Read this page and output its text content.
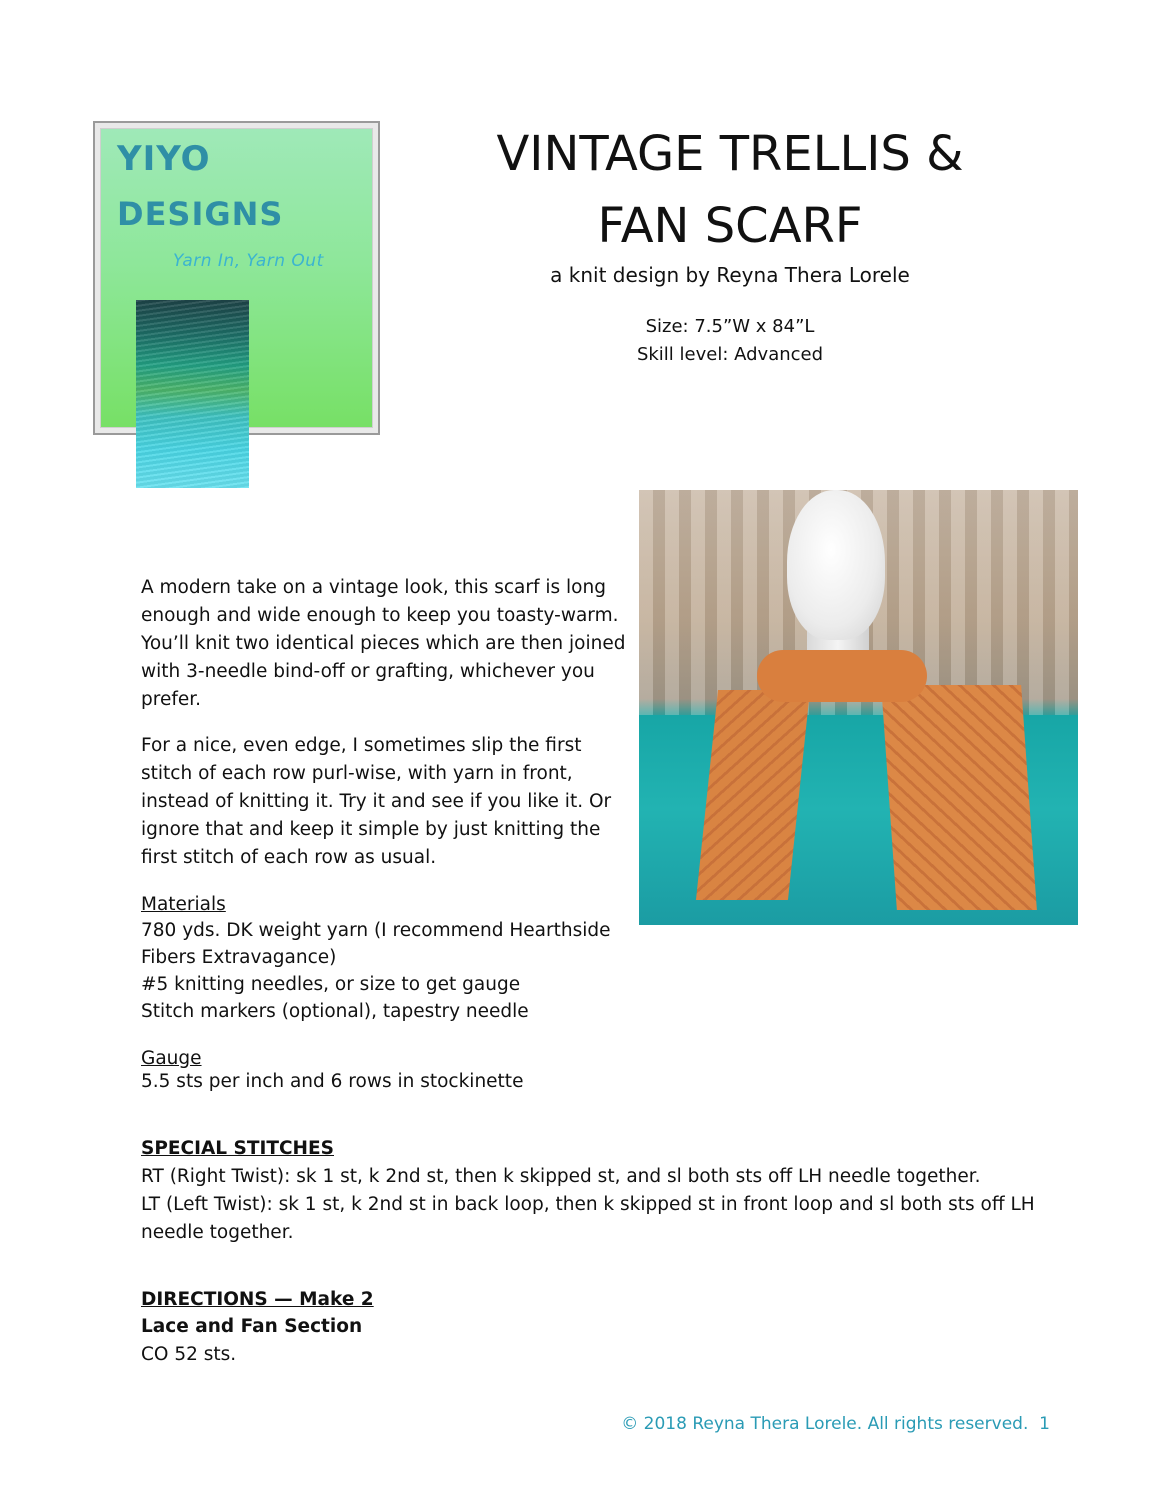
YIYO
DESIGNS
Yarn In, Yarn Out
VINTAGE TRELLIS &
FAN SCARF
a knit design by Reyna Thera Lorele
Size: 7.5”W x 84”L
Skill level: Advanced
A modern take on a vintage look, this scarf is long enough and wide enough to keep you toasty-warm. You’ll knit two identical pieces which are then joined with 3-needle bind-off or grafting, whichever you prefer.
For a nice, even edge, I sometimes slip the first stitch of each row purl-wise, with yarn in front, instead of knitting it. Try it and see if you like it. Or ignore that and keep it simple by just knitting the first stitch of each row as usual.
Materials
780 yds. DK weight yarn (I recommend Hearthside Fibers Extravagance)
#5 knitting needles, or size to get gauge
Stitch markers (optional), tapestry needle
Gauge
5.5 sts per inch and 6 rows in stockinette
SPECIAL STITCHES
RT (Right Twist): sk 1 st, k 2nd st, then k skipped st, and sl both sts off LH needle together.
LT (Left Twist): sk 1 st, k 2nd st in back loop, then k skipped st in front loop and sl both sts off LH needle together.
DIRECTIONS — Make 2
Lace and Fan Section
CO 52 sts.
© 2018 Reyna Thera Lorele. All rights reserved. 1
